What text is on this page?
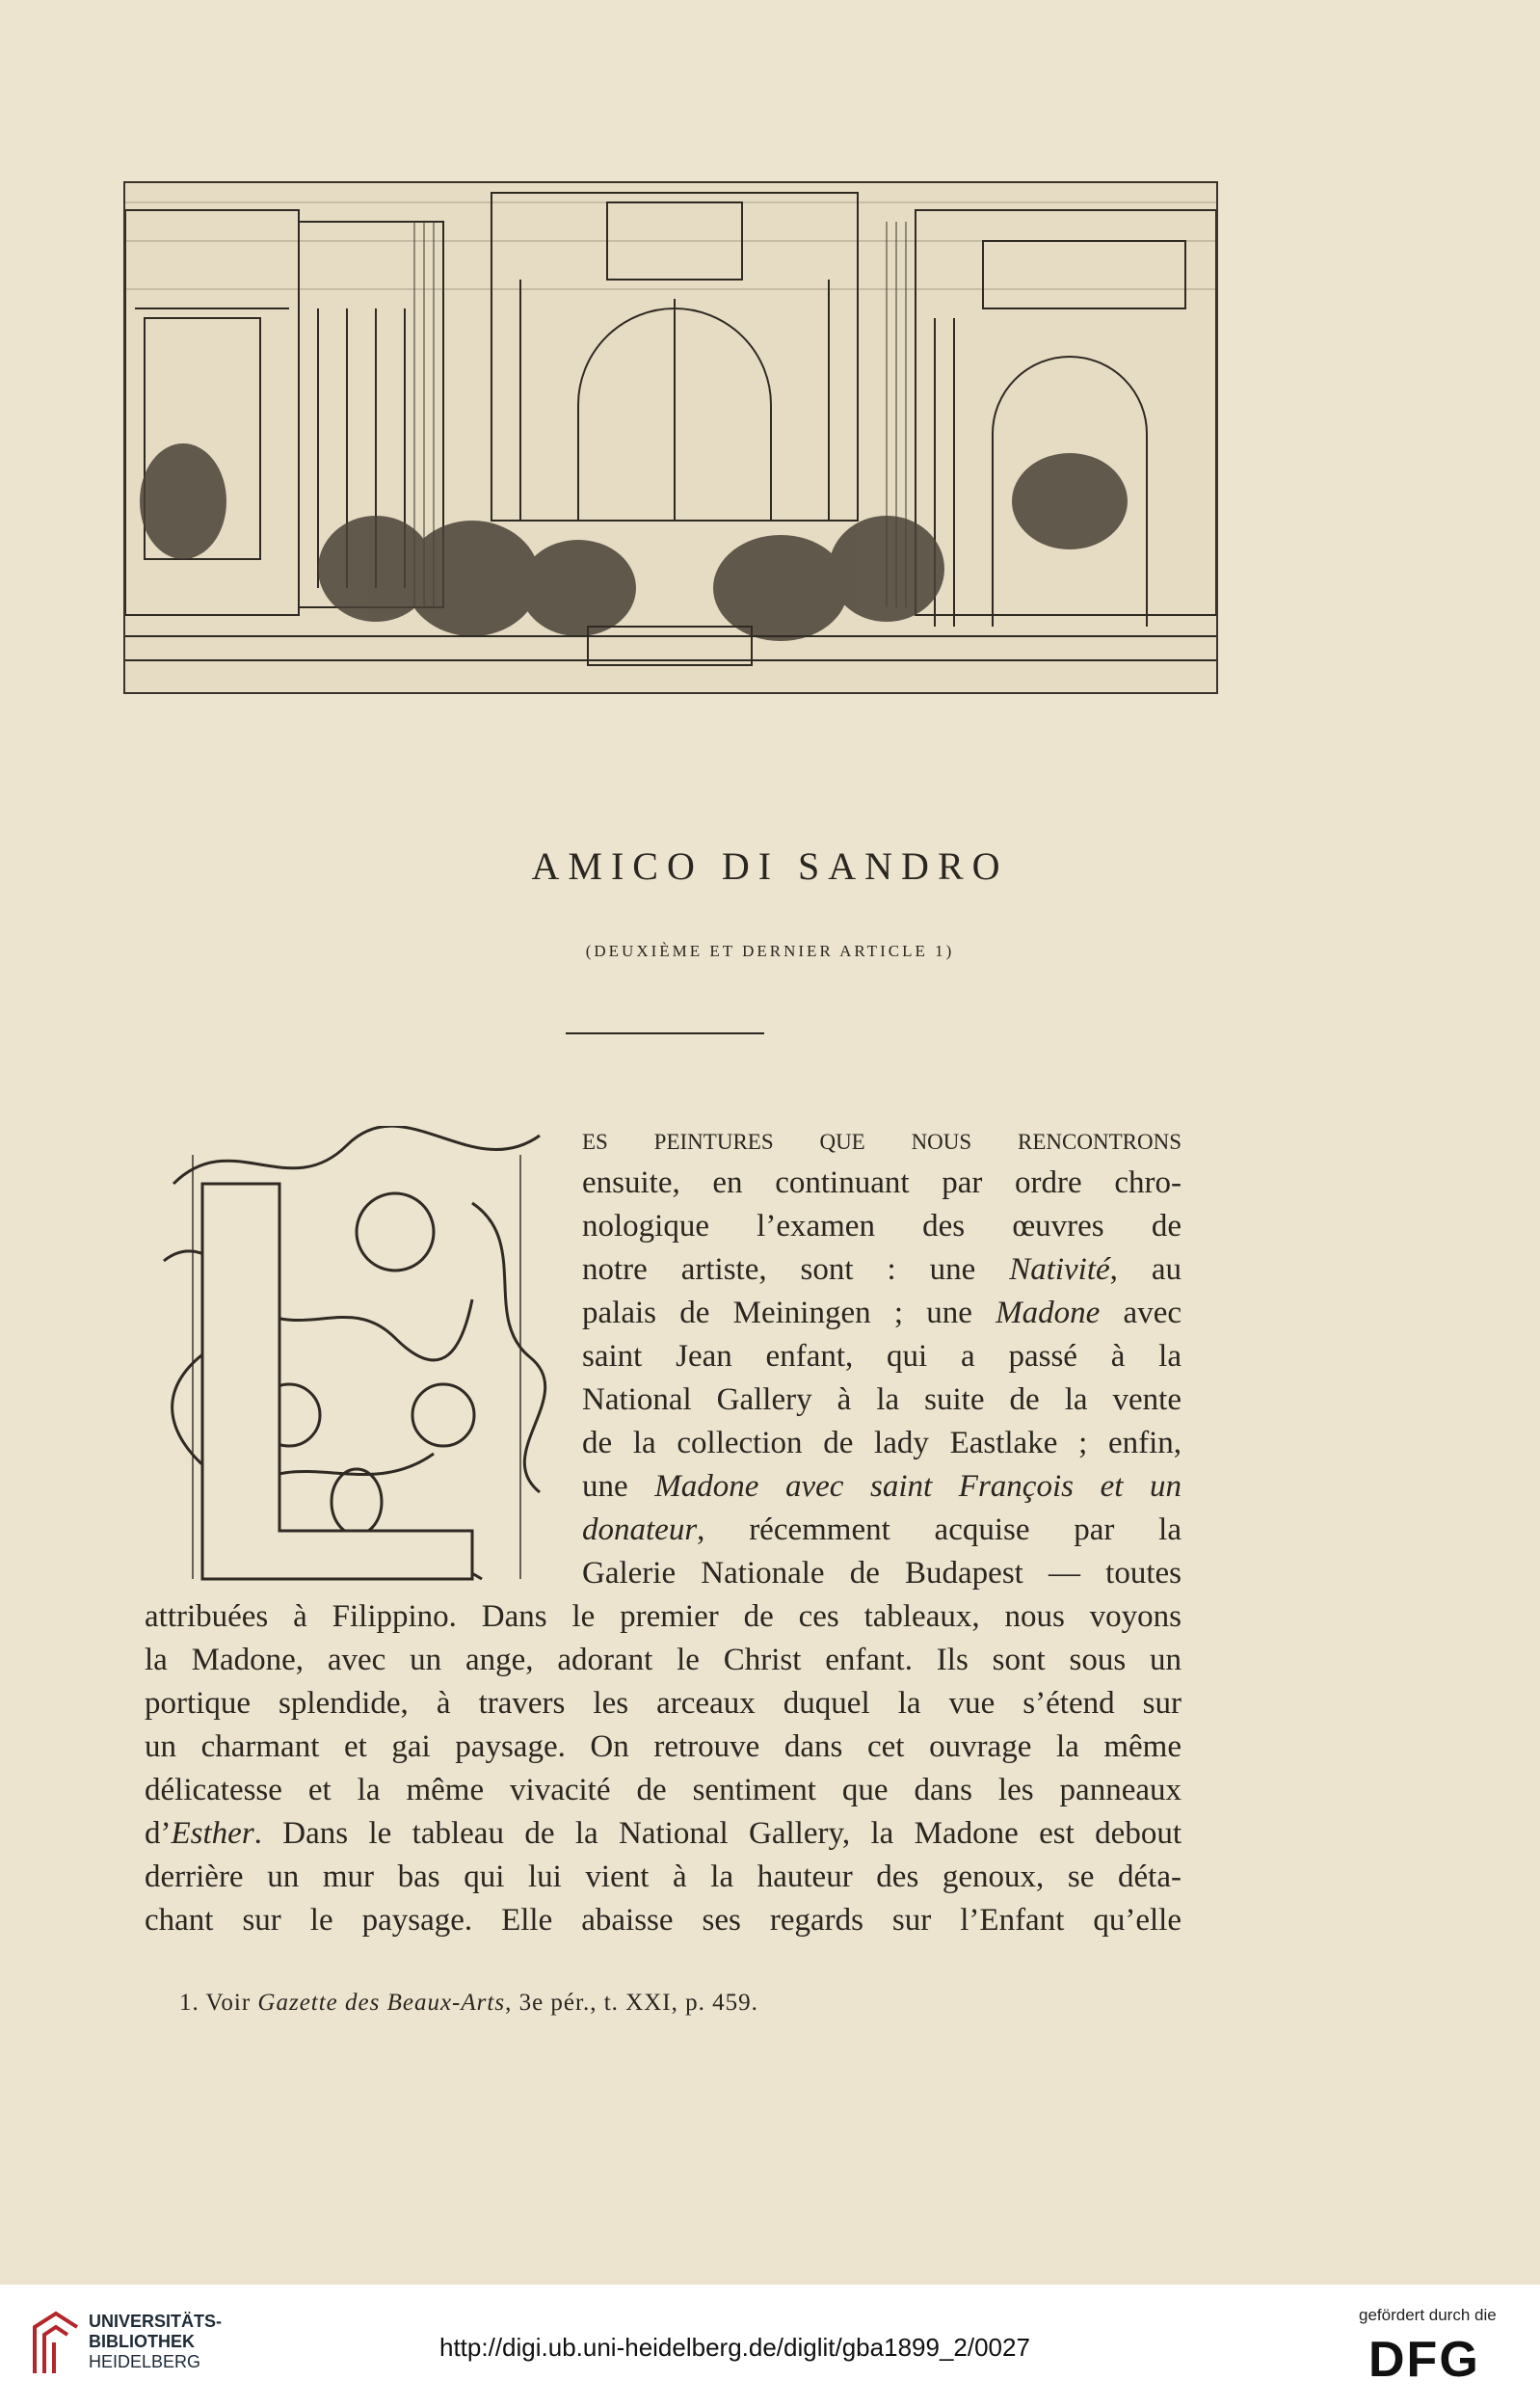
AMICO DI SANDRO
(DEUXIÈME ET DERNIER ARTICLE 1)
es peintures que nous rencontrons
ensuite, en continuant par ordre chro-
nologique l’examen des œuvres de
notre artiste, sont : une Nativité, au
palais de Meiningen ; une Madone avec
saint Jean enfant, qui a passé à la
National Gallery à la suite de la vente
de la collection de lady Eastlake ; enfin,
une Madone avec saint François et un
donateur, récemment acquise par la
Galerie Nationale de Budapest — toutes
attribuées à Filippino. Dans le premier de ces tableaux, nous voyons
la Madone, avec un ange, adorant le Christ enfant. Ils sont sous un
portique splendide, à travers les arceaux duquel la vue s’étend sur
un charmant et gai paysage. On retrouve dans cet ouvrage la même
délicatesse et la même vivacité de sentiment que dans les panneaux
d’Esther. Dans le tableau de la National Gallery, la Madone est debout
derrière un mur bas qui lui vient à la hauteur des genoux, se déta-
chant sur le paysage. Elle abaisse ses regards sur l’Enfant qu’elle
1. Voir Gazette des Beaux-Arts, 3e pér., t. XXI, p. 459.
UNIVERSITÄTS-
BIBLIOTHEK
HEIDELBERG	http://digi.ub.uni-heidelberg.de/diglit/gba1899_2/0027
gefördert durch die
DFG
